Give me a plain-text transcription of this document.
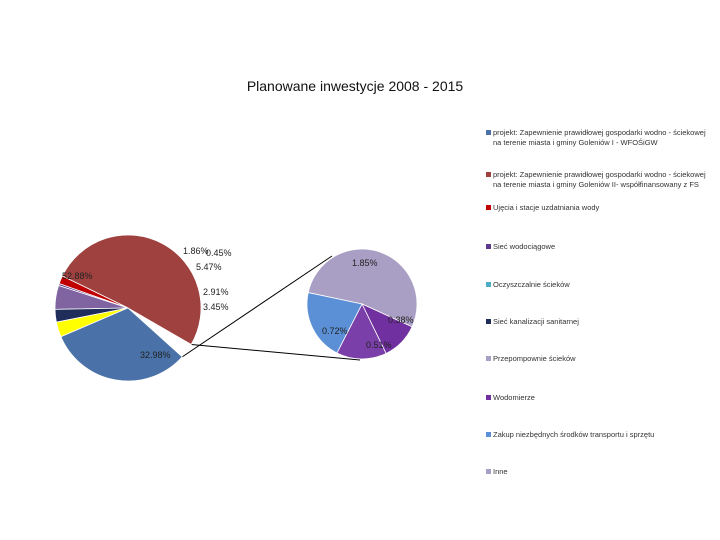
Planowane inwestycje 2008 - 2015
52.88%
1.86%
0.45%
5.47%
2.91%
3.45%
32.98%
1.85%
0.38%
0.51%
0.72%
projekt: Zapewnienie prawidłowej gospodarki wodno - ściekowej na terenie miasta i gminy Goleniów I - WFOŚiGW
projekt: Zapewnienie prawidłowej gospodarki wodno - ściekowej na terenie miasta i gminy Goleniów II- współfinansowany z FS
Ujęcia i stacje uzdatniania wody
Sieć wodociągowe
Oczyszczalnie ścieków
Sieć kanalizacji sanitarnej
Przepompownie ścieków
Wodomierze
Zakup niezbędnych środków transportu i sprzętu
Inne
